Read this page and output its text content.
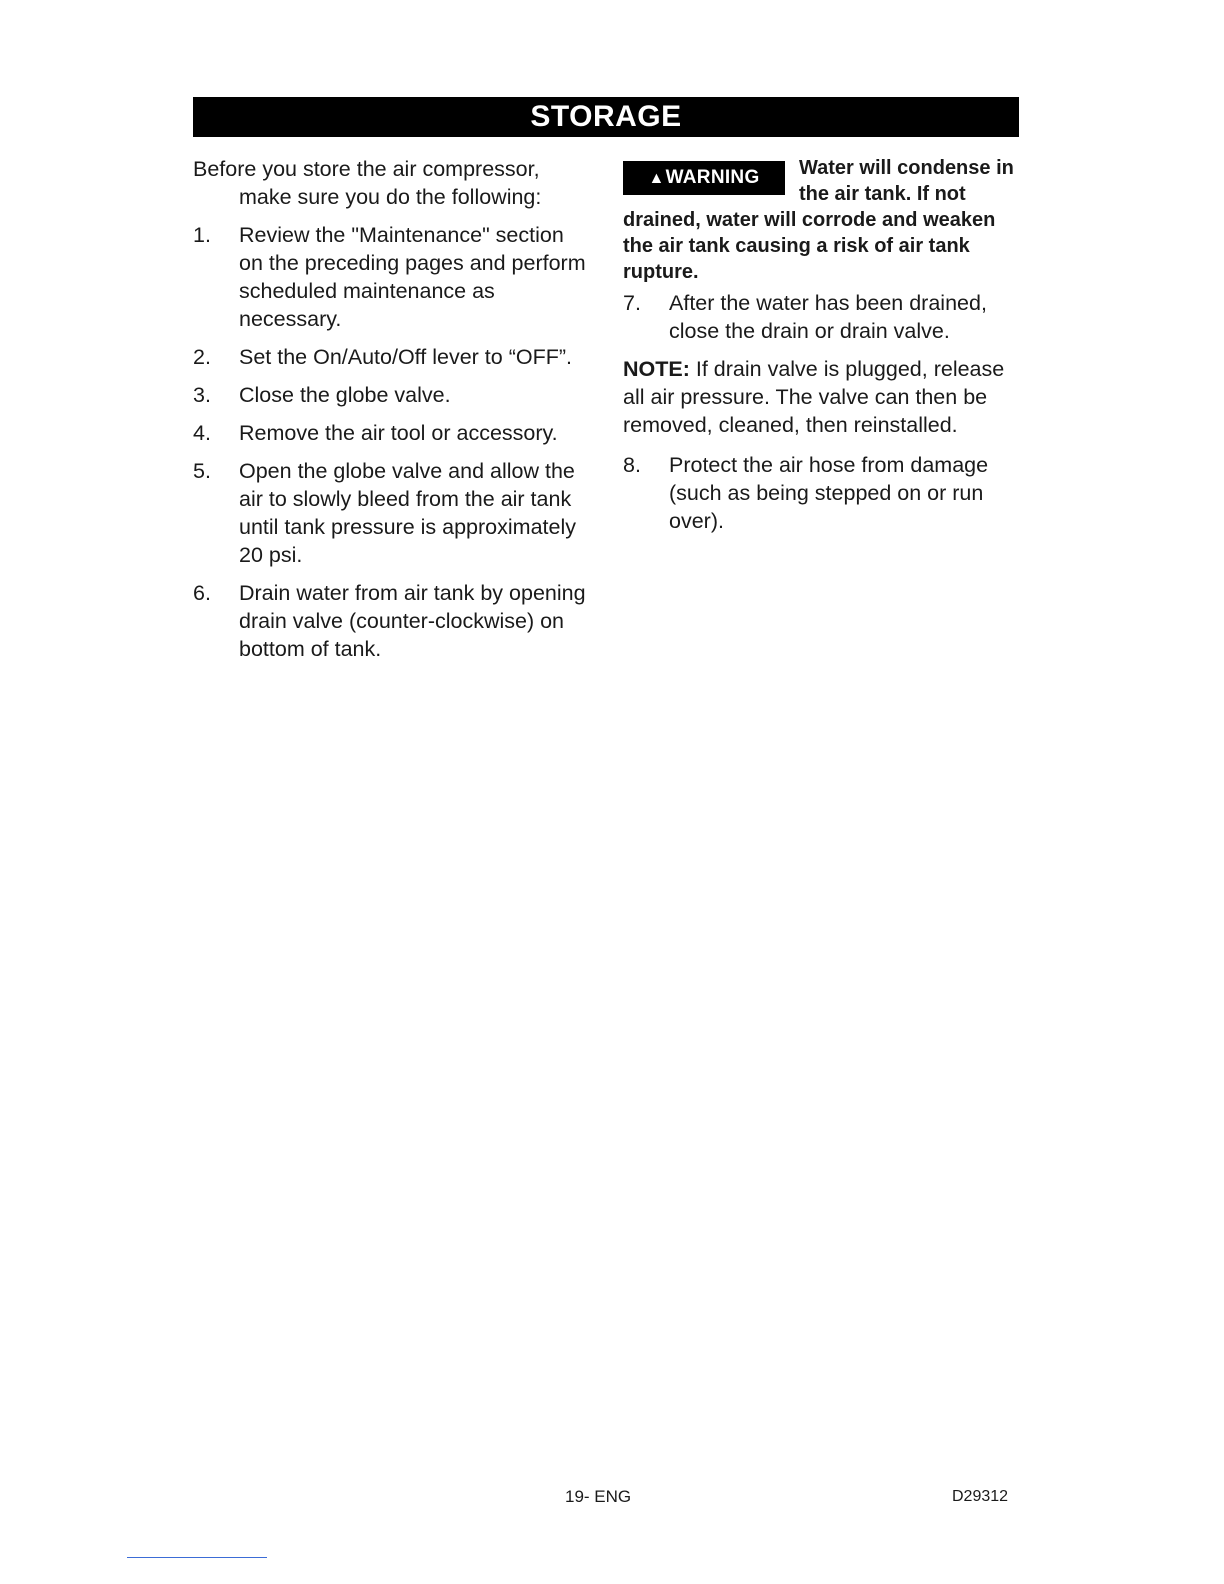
STORAGE
Before you store the air compressor, make sure you do the following:
1.	Review the "Maintenance" section on the preceding pages and perform scheduled maintenance as necessary.
2.	Set the On/Auto/Off lever to “OFF”.
3.	Close the globe valve.
4.	Remove the air tool or accessory.
5.	Open the globe valve and allow the air to slowly bleed from the air tank until tank pressure is approximately 20 psi.
6.	Drain water from air tank by opening drain valve (counter-clockwise) on bottom of tank.
▲WARNING	Water will condense in the air tank. If not drained, water will corrode and weaken the air tank causing a risk of air tank rupture.
7.	After the water has been drained, close the drain or drain valve.
NOTE: If drain valve is plugged, release all air pressure. The valve can then be removed, cleaned, then reinstalled.
8.	Protect the air hose from damage (such as being stepped on or run over).
19- ENG	D29312
